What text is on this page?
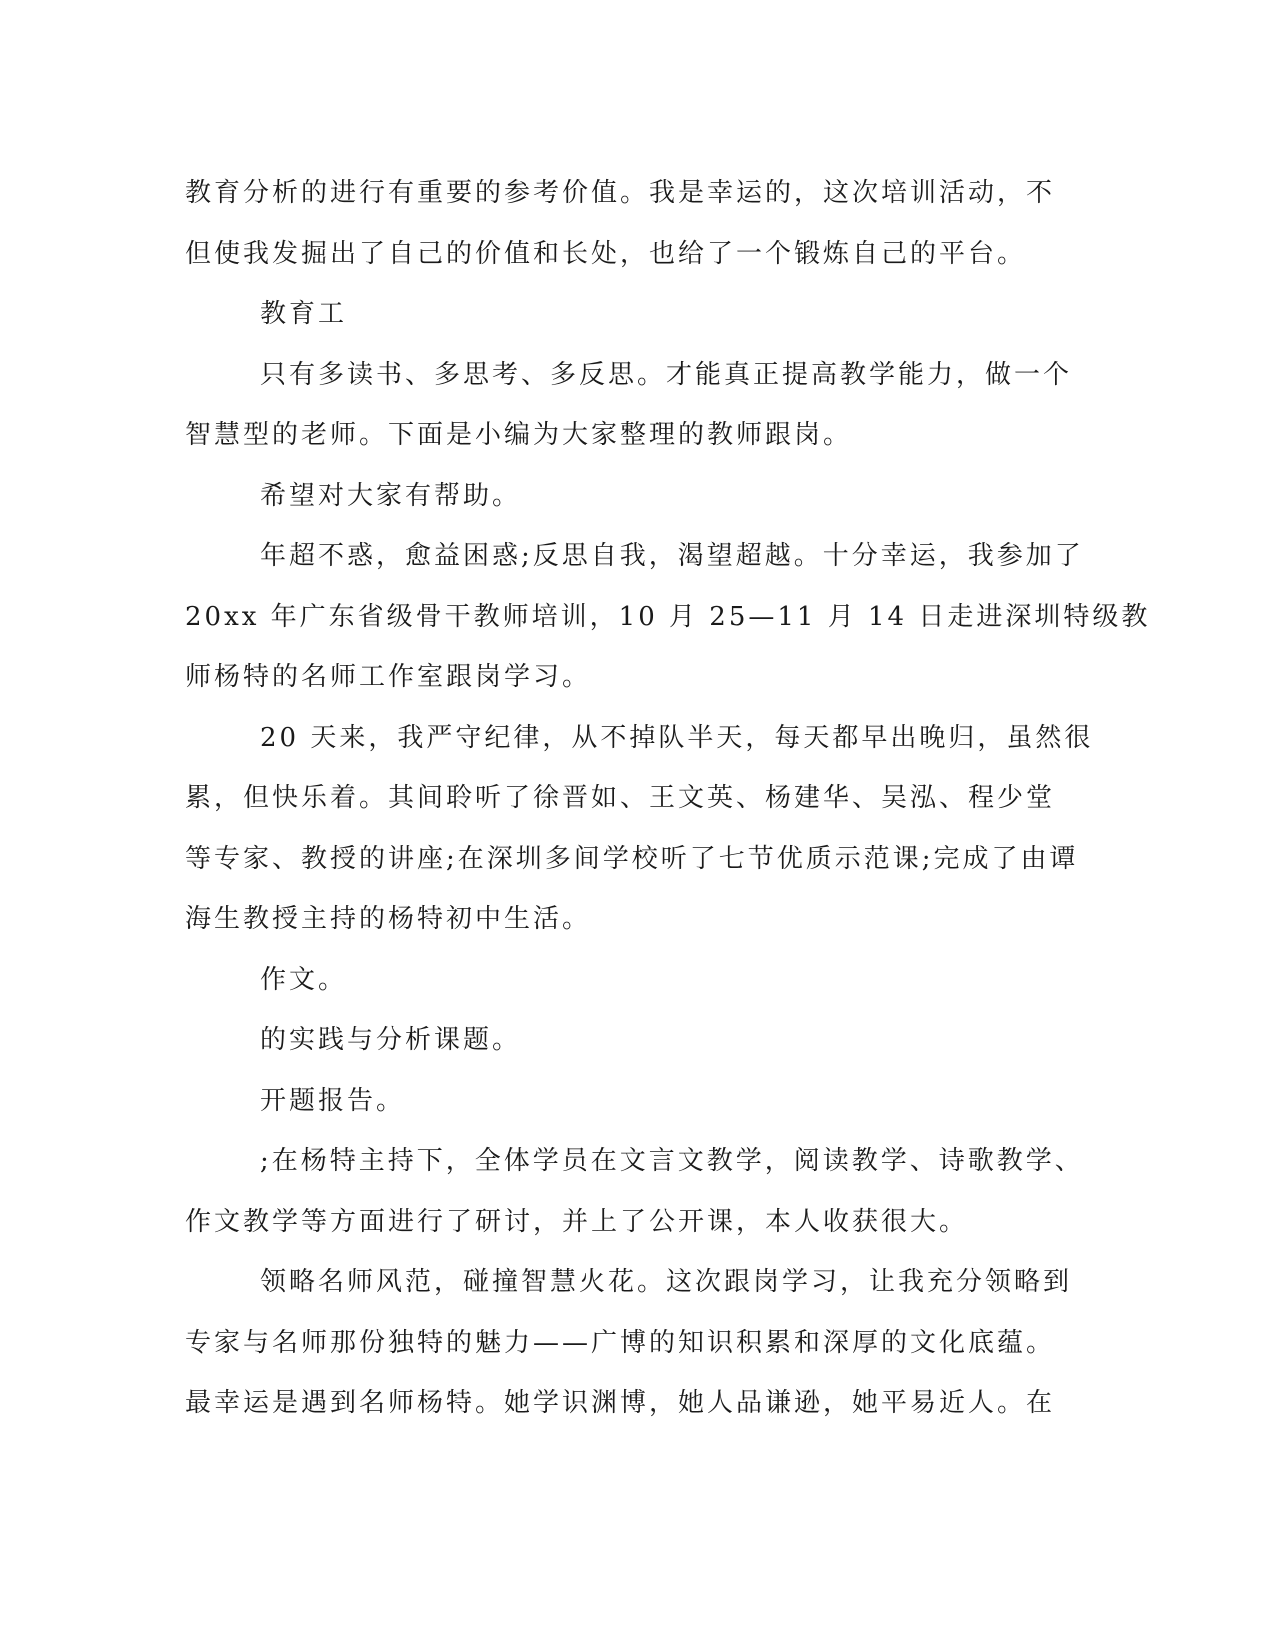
教育分析的进行有重要的参考价值。我是幸运的，这次培训活动，不
但使我发掘出了自己的价值和长处，也给了一个锻炼自己的平台。
教育工
只有多读书、多思考、多反思。才能真正提高教学能力，做一个
智慧型的老师。下面是小编为大家整理的教师跟岗。
希望对大家有帮助。
年超不惑，愈益困惑;反思自我，渴望超越。十分幸运，我参加了
20xx 年广东省级骨干教师培训，10 月 25—11 月 14 日走进深圳特级教
师杨特的名师工作室跟岗学习。
20 天来，我严守纪律，从不掉队半天，每天都早出晚归，虽然很
累，但快乐着。其间聆听了徐晋如、王文英、杨建华、吴泓、程少堂
等专家、教授的讲座;在深圳多间学校听了七节优质示范课;完成了由谭
海生教授主持的杨特初中生活。
作文。
的实践与分析课题。
开题报告。
;在杨特主持下，全体学员在文言文教学，阅读教学、诗歌教学、
作文教学等方面进行了研讨，并上了公开课，本人收获很大。
领略名师风范，碰撞智慧火花。这次跟岗学习，让我充分领略到
专家与名师那份独特的魅力——广博的知识积累和深厚的文化底蕴。
最幸运是遇到名师杨特。她学识渊博，她人品谦逊，她平易近人。在
